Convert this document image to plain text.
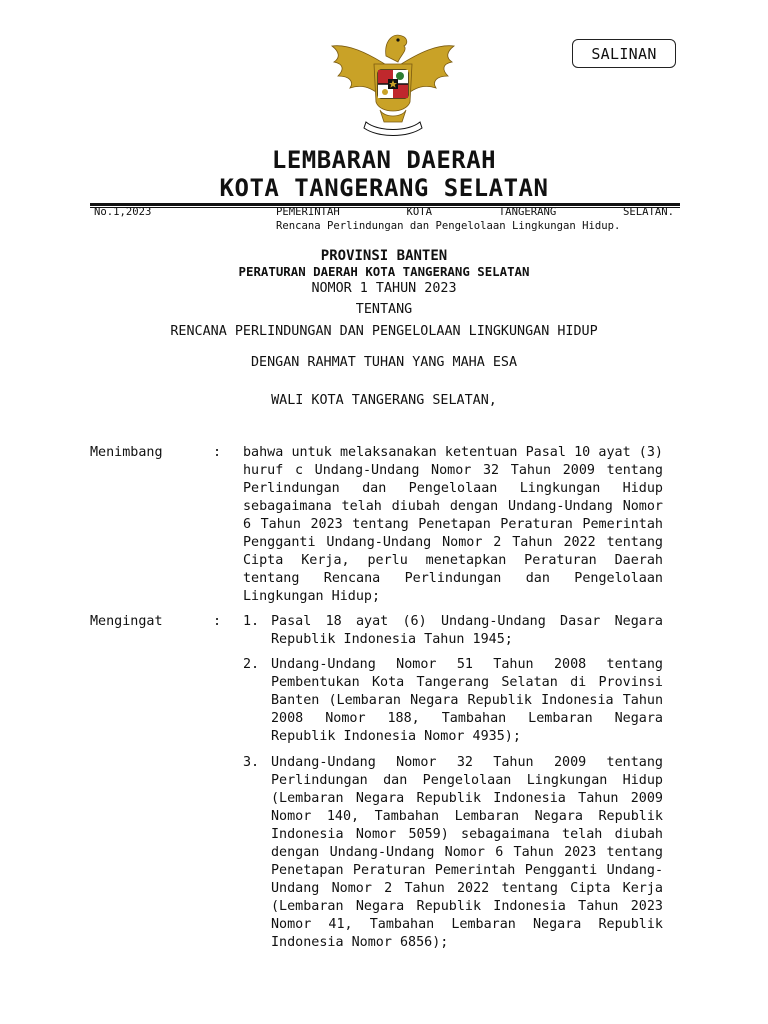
SALINAN
LEMBARAN DAERAH
KOTA TANGERANG SELATAN
No.1,2023	PEMERINTAH KOTA TANGERANG SELATAN.
Rencana Perlindungan dan Pengelolaan Lingkungan Hidup.
PROVINSI BANTEN
PERATURAN DAERAH KOTA TANGERANG SELATAN
NOMOR 1 TAHUN 2023
TENTANG
RENCANA PERLINDUNGAN DAN PENGELOLAAN LINGKUNGAN HIDUP
DENGAN RAHMAT TUHAN YANG MAHA ESA
WALI KOTA TANGERANG SELATAN,
Menimbang	: bahwa untuk melaksanakan ketentuan Pasal 10 ayat (3) huruf c Undang-Undang Nomor 32 Tahun 2009 tentang Perlindungan dan Pengelolaan Lingkungan Hidup sebagaimana telah diubah dengan Undang-Undang Nomor 6 Tahun 2023 tentang Penetapan Peraturan Pemerintah Pengganti Undang-Undang Nomor 2 Tahun 2022 tentang Cipta Kerja, perlu menetapkan Peraturan Daerah tentang Rencana Perlindungan dan Pengelolaan Lingkungan Hidup;
Mengingat	: 1. Pasal 18 ayat (6) Undang-Undang Dasar Negara Republik Indonesia Tahun 1945;
2. Undang-Undang Nomor 51 Tahun 2008 tentang Pembentukan Kota Tangerang Selatan di Provinsi Banten (Lembaran Negara Republik Indonesia Tahun 2008 Nomor 188, Tambahan Lembaran Negara Republik Indonesia Nomor 4935);
3. Undang-Undang Nomor 32 Tahun 2009 tentang Perlindungan dan Pengelolaan Lingkungan Hidup (Lembaran Negara Republik Indonesia Tahun 2009 Nomor 140, Tambahan Lembaran Negara Republik Indonesia Nomor 5059) sebagaimana telah diubah dengan Undang-Undang Nomor 6 Tahun 2023 tentang Penetapan Peraturan Pemerintah Pengganti Undang-Undang Nomor 2 Tahun 2022 tentang Cipta Kerja (Lembaran Negara Republik Indonesia Tahun 2023 Nomor 41, Tambahan Lembaran Negara Republik Indonesia Nomor 6856);
